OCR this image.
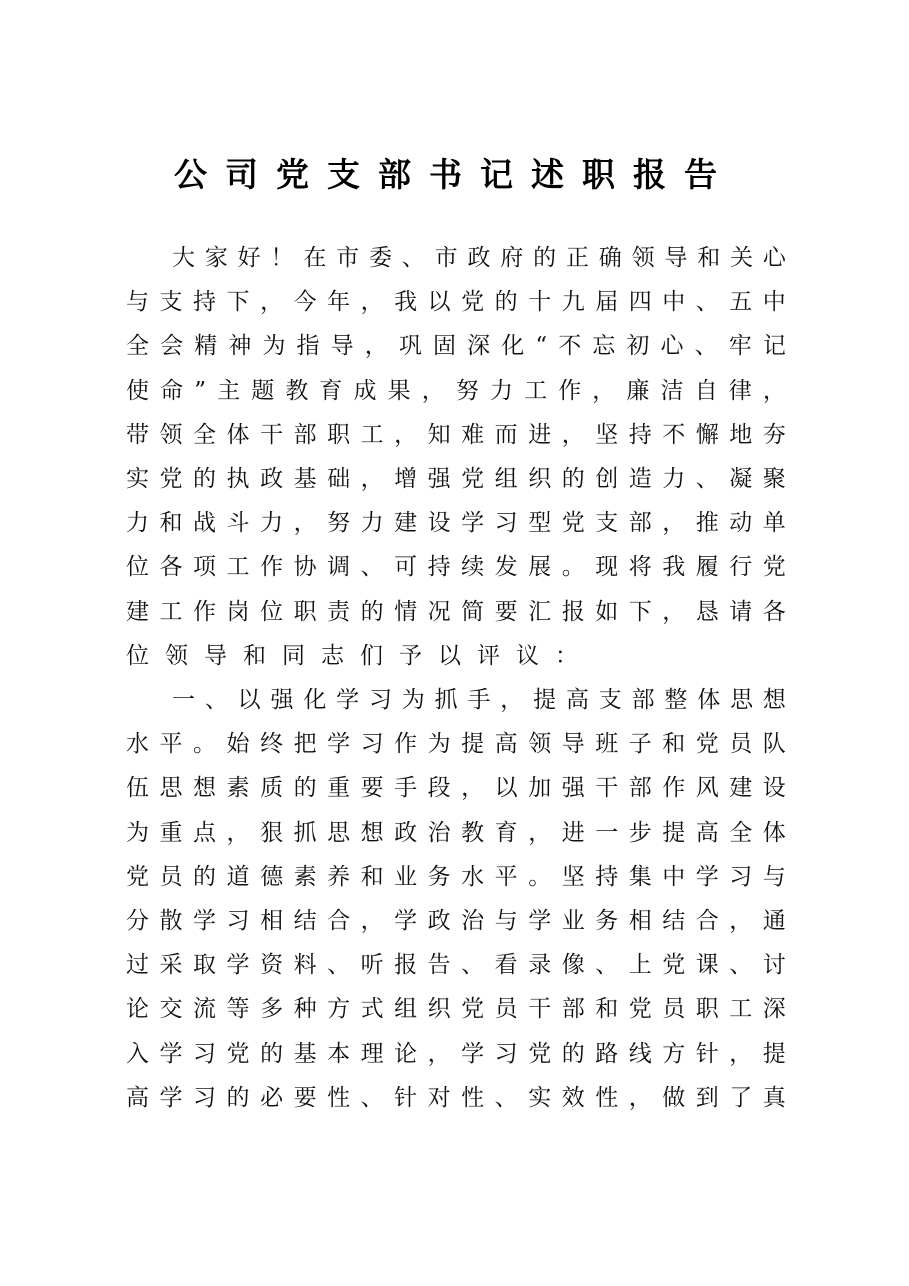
公司党支部书记述职报告
大 家 好 ！ 在 市 委 、 市 政 府 的 正 确 领 导 和 关 心
与 支 持 下 ， 今 年 ， 我 以 党 的 十 九 届 四 中 、 五 中
全 会 精 神 为 指 导 ， 巩 固 深 化 “ 不 忘 初 心 、 牢 记
使 命 ” 主 题 教 育 成 果 ， 努 力 工 作 ， 廉 洁 自 律 ，
带 领 全 体 干 部 职 工 ， 知 难 而 进 ， 坚 持 不 懈 地 夯
实 党 的 执 政 基 础 ， 增 强 党 组 织 的 创 造 力 、 凝 聚
力 和 战 斗 力 ， 努 力 建 设 学 习 型 党 支 部 ， 推 动 单
位 各 项 工 作 协 调 、 可 持 续 发 展 。 现 将 我 履 行 党
建 工 作 岗 位 职 责 的 情 况 简 要 汇 报 如 下 ， 恳 请 各
位 领 导 和 同 志 们 予 以 评 议 ：
一 、 以 强 化 学 习 为 抓 手 ， 提 高 支 部 整 体 思 想
水 平 。 始 终 把 学 习 作 为 提 高 领 导 班 子 和 党 员 队
伍 思 想 素 质 的 重 要 手 段 ， 以 加 强 干 部 作 风 建 设
为 重 点 ， 狠 抓 思 想 政 治 教 育 ， 进 一 步 提 高 全 体
党 员 的 道 德 素 养 和 业 务 水 平 。 坚 持 集 中 学 习 与
分 散 学 习 相 结 合 ， 学 政 治 与 学 业 务 相 结 合 ， 通
过 采 取 学 资 料 、 听 报 告 、 看 录 像 、 上 党 课 、 讨
论 交 流 等 多 种 方 式 组 织 党 员 干 部 和 党 员 职 工 深
入 学 习 党 的 基 本 理 论 ， 学 习 党 的 路 线 方 针 ， 提
高 学 习 的 必 要 性 、 针 对 性 、 实 效 性 ， 做 到 了 真
